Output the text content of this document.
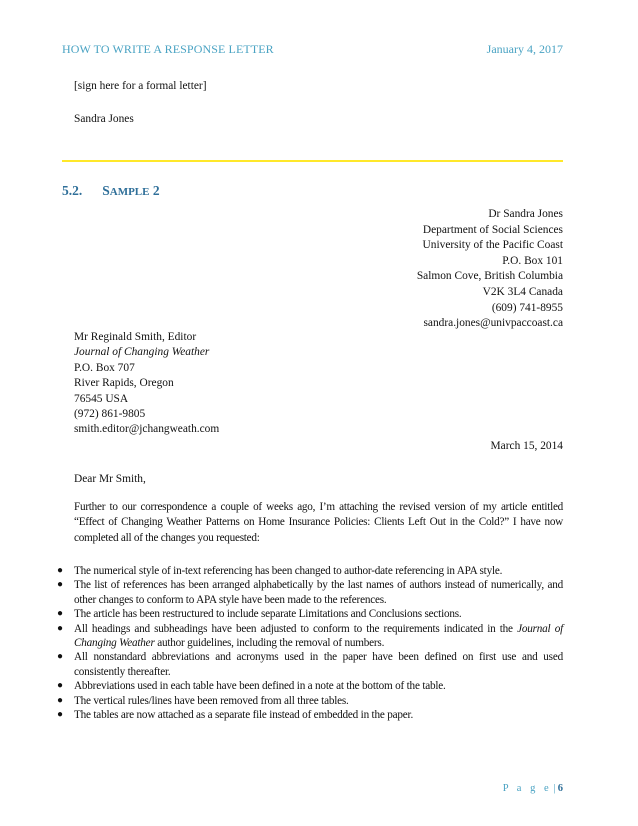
HOW TO WRITE A RESPONSE LETTER	January 4, 2017
[sign here for a formal letter]
Sandra Jones
5.2. SAMPLE 2
Dr Sandra Jones
Department of Social Sciences
University of the Pacific Coast
P.O. Box 101
Salmon Cove, British Columbia
V2K 3L4 Canada
(609) 741-8955
sandra.jones@univpaccoast.ca
Mr Reginald Smith, Editor
Journal of Changing Weather
P.O. Box 707
River Rapids, Oregon
76545 USA
(972) 861-9805
smith.editor@jchangweath.com
March 15, 2014
Dear Mr Smith,
Further to our correspondence a couple of weeks ago, I’m attaching the revised version of my article entitled “Effect of Changing Weather Patterns on Home Insurance Policies: Clients Left Out in the Cold?” I have now completed all of the changes you requested:
● The numerical style of in-text referencing has been changed to author-date referencing in APA style.
● The list of references has been arranged alphabetically by the last names of authors instead of numerically, and other changes to conform to APA style have been made to the references.
● The article has been restructured to include separate Limitations and Conclusions sections.
● All headings and subheadings have been adjusted to conform to the requirements indicated in the Journal of Changing Weather author guidelines, including the removal of numbers.
● All nonstandard abbreviations and acronyms used in the paper have been defined on first use and used consistently thereafter.
● Abbreviations used in each table have been defined in a note at the bottom of the table.
● The vertical rules/lines have been removed from all three tables.
● The tables are now attached as a separate file instead of embedded in the paper.
P a g e | 6
